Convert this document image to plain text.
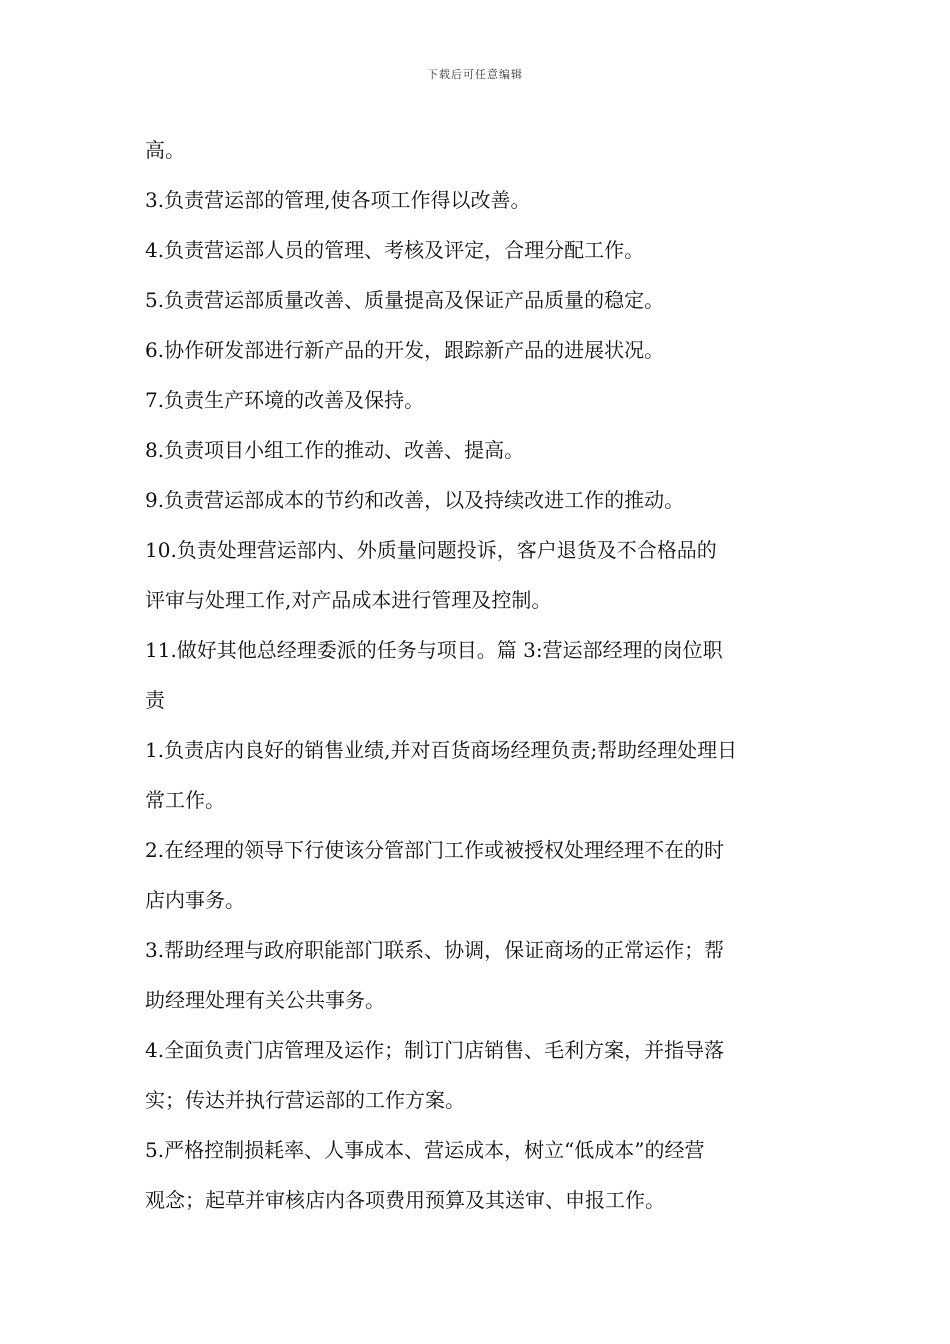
下载后可任意编辑
高。
3.负责营运部的管理,使各项工作得以改善。
4.负责营运部人员的管理、考核及评定，合理分配工作。
5.负责营运部质量改善、质量提高及保证产品质量的稳定。
6.协作研发部进行新产品的开发，跟踪新产品的进展状况。
7.负责生产环境的改善及保持。
8.负责项目小组工作的推动、改善、提高。
9.负责营运部成本的节约和改善，以及持续改进工作的推动。
10.负责处理营运部内、外质量问题投诉，客户退货及不合格品的
评审与处理工作,对产品成本进行管理及控制。
11.做好其他总经理委派的任务与项目。篇 3:营运部经理的岗位职
责
1.负责店内良好的销售业绩,并对百货商场经理负责;帮助经理处理日
常工作。
2.在经理的领导下行使该分管部门工作或被授权处理经理不在的时
店内事务。
3.帮助经理与政府职能部门联系、协调，保证商场的正常运作；帮
助经理处理有关公共事务。
4.全面负责门店管理及运作；制订门店销售、毛利方案，并指导落
实；传达并执行营运部的工作方案。
5.严格控制损耗率、人事成本、营运成本，树立“低成本”的经营
观念；起草并审核店内各项费用预算及其送审、申报工作。
